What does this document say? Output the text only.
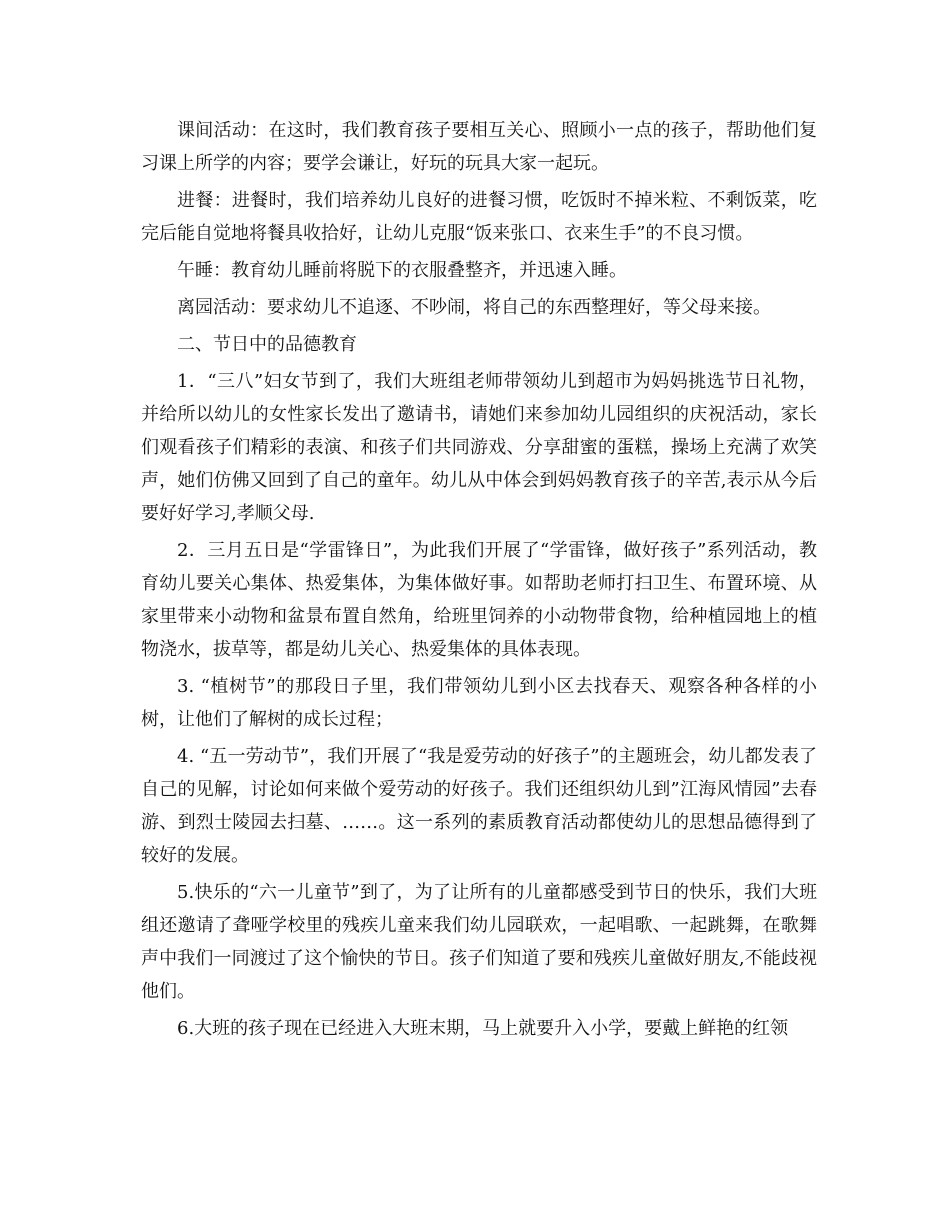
课间活动：在这时，我们教育孩子要相互关心、照顾小一点的孩子，帮助他们复习课上所学的内容；要学会谦让，好玩的玩具大家一起玩。

进餐：进餐时，我们培养幼儿良好的进餐习惯，吃饭时不掉米粒、不剩饭菜，吃完后能自觉地将餐具收拾好，让幼儿克服“饭来张口、衣来生手”的不良习惯。

午睡：教育幼儿睡前将脱下的衣服叠整齐，并迅速入睡。

离园活动：要求幼儿不追逐、不吵闹，将自己的东西整理好，等父母来接。

二、节日中的品德教育

1．“三八”妇女节到了，我们大班组老师带领幼儿到超市为妈妈挑选节日礼物，并给所以幼儿的女性家长发出了邀请书，请她们来参加幼儿园组织的庆祝活动，家长们观看孩子们精彩的表演、和孩子们共同游戏、分享甜蜜的蛋糕，操场上充满了欢笑声，她们仿佛又回到了自己的童年。幼儿从中体会到妈妈教育孩子的辛苦,表示从今后要好好学习,孝顺父母.

2．三月五日是“学雷锋日”，为此我们开展了“学雷锋，做好孩子”系列活动，教育幼儿要关心集体、热爱集体，为集体做好事。如帮助老师打扫卫生、布置环境、从家里带来小动物和盆景布置自然角，给班里饲养的小动物带食物，给种植园地上的植物浇水，拔草等，都是幼儿关心、热爱集体的具体表现。

3. “植树节”的那段日子里，我们带领幼儿到小区去找春天、观察各种各样的小树，让他们了解树的成长过程；

4. “五一劳动节”，我们开展了“我是爱劳动的好孩子”的主题班会，幼儿都发表了自己的见解，讨论如何来做个爱劳动的好孩子。我们还组织幼儿到”江海风情园”去春游、到烈士陵园去扫墓、……。这一系列的素质教育活动都使幼儿的思想品德得到了较好的发展。

5.快乐的“六一儿童节”到了，为了让所有的儿童都感受到节日的快乐，我们大班组还邀请了聋哑学校里的残疾儿童来我们幼儿园联欢，一起唱歌、一起跳舞，在歌舞声中我们一同渡过了这个愉快的节日。孩子们知道了要和残疾儿童做好朋友,不能歧视他们。

6.大班的孩子现在已经进入大班末期，马上就要升入小学，要戴上鲜艳的红领
